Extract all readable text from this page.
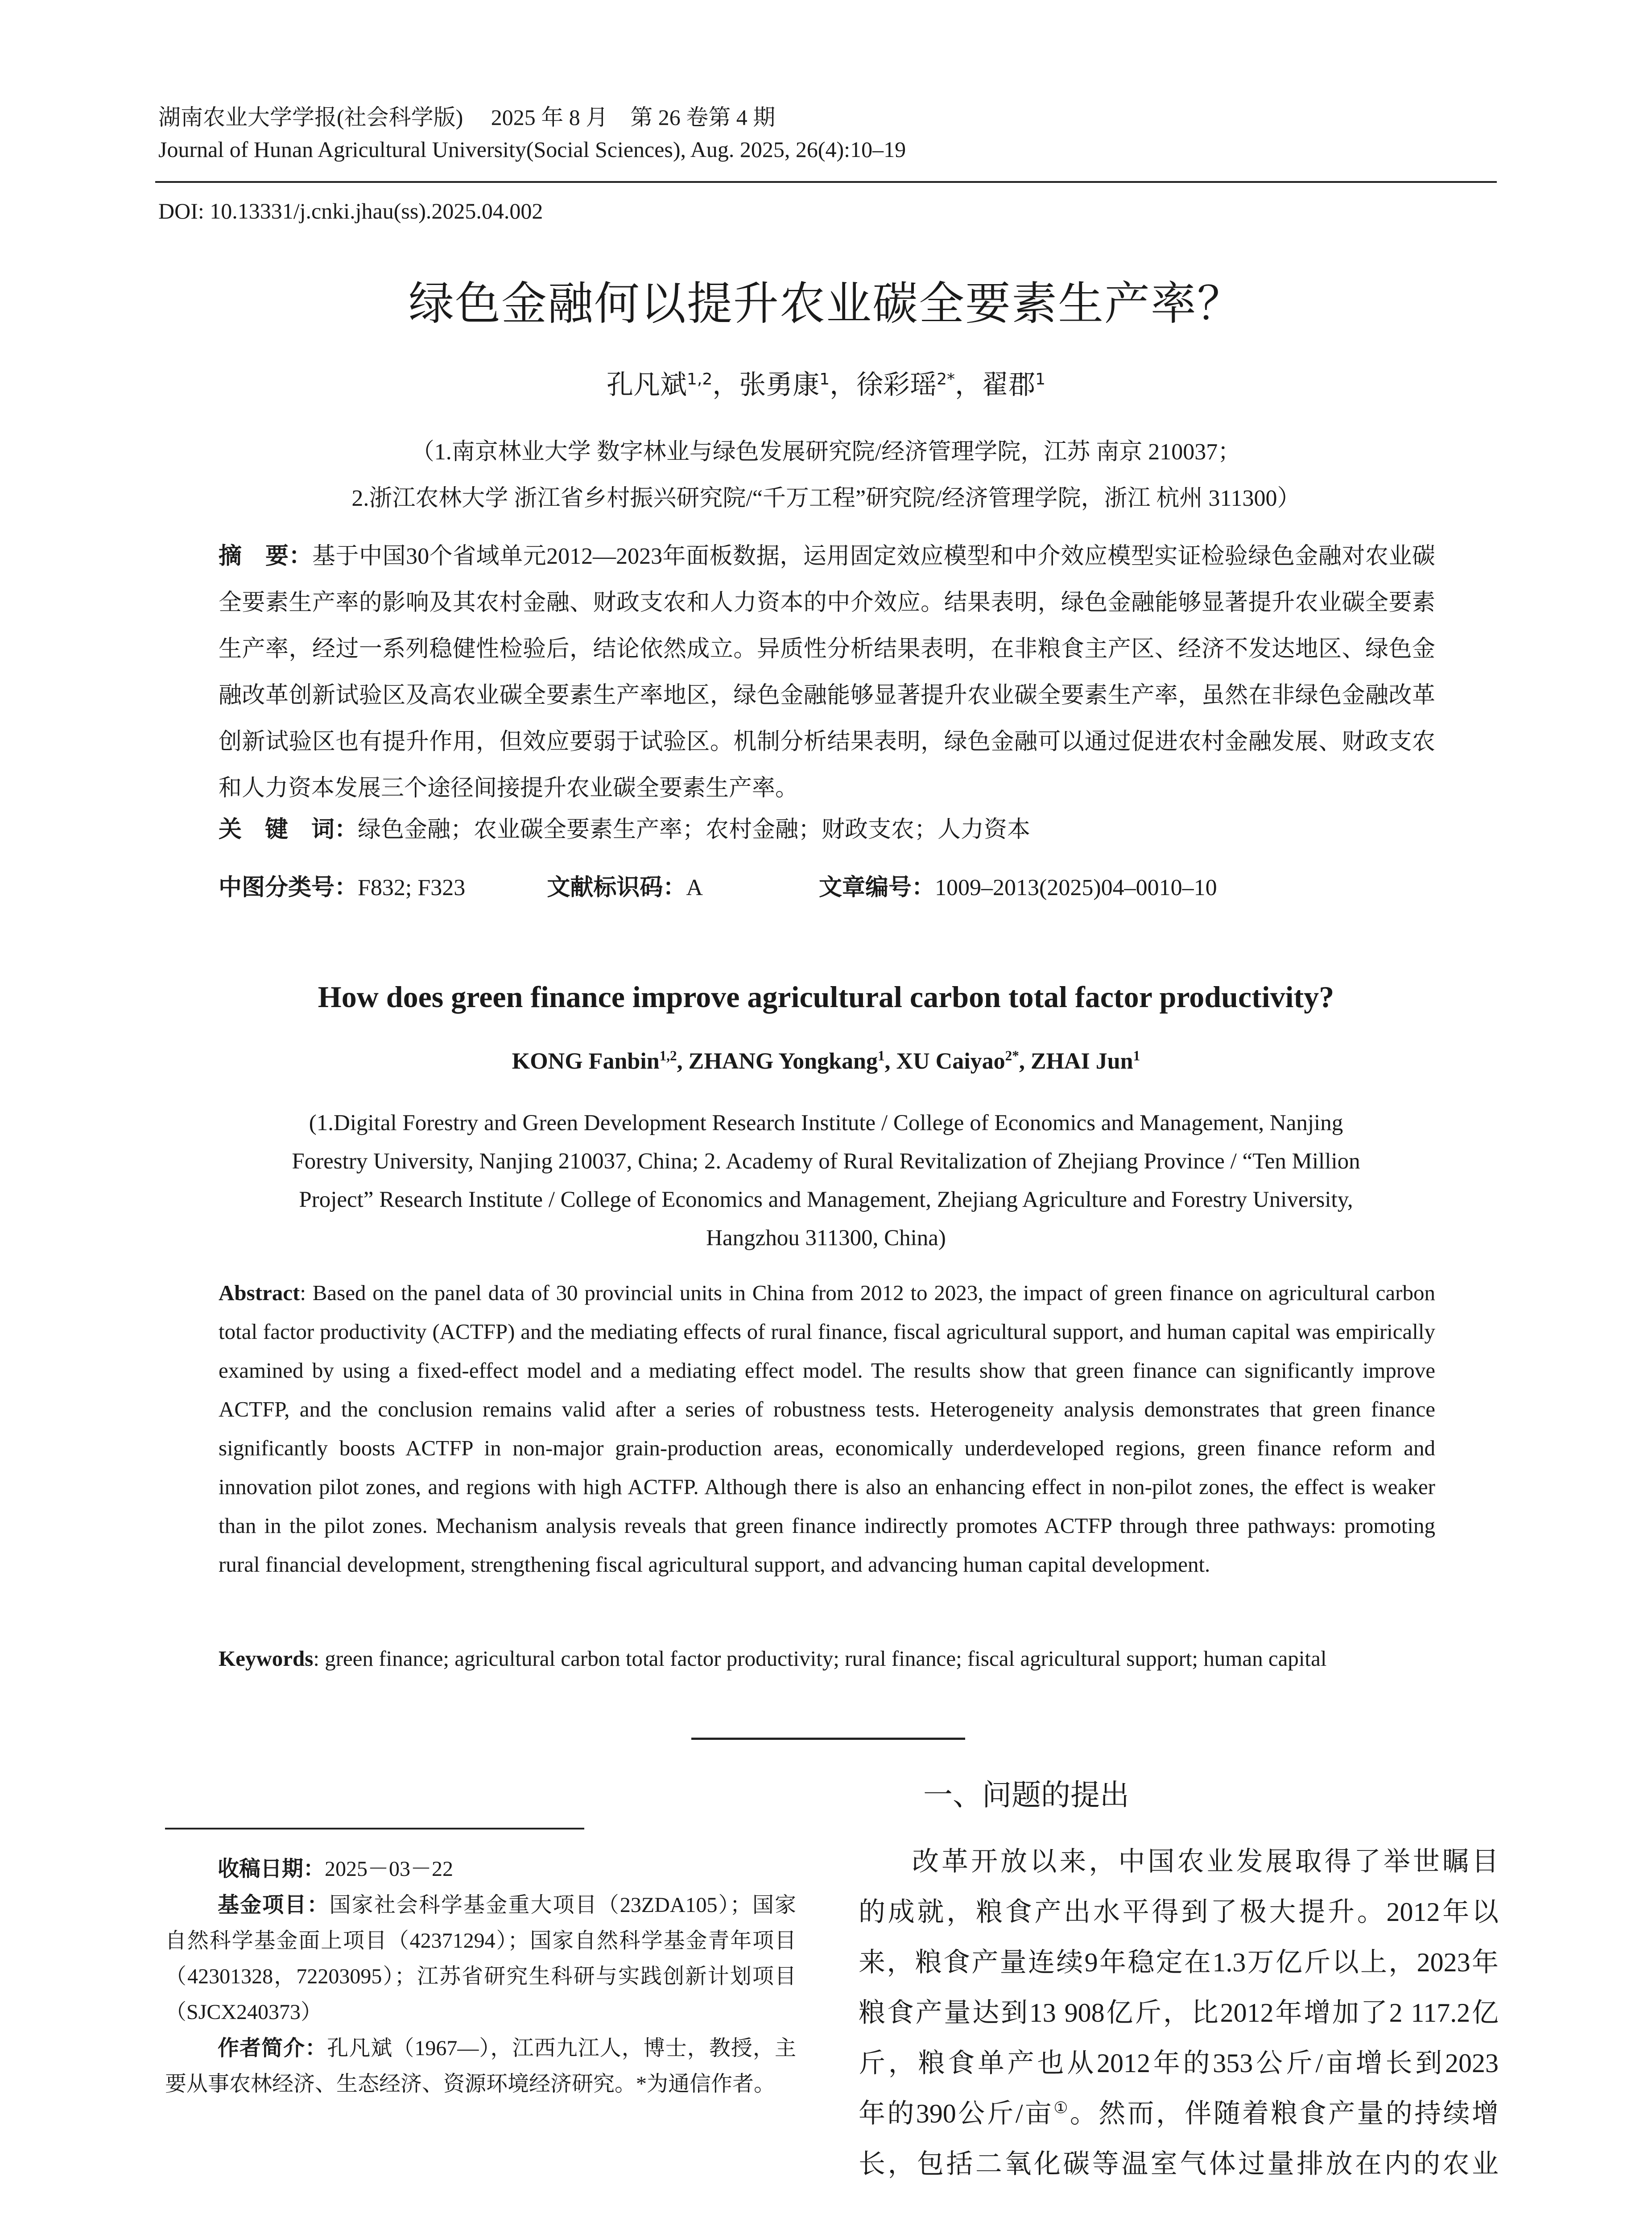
湖南农业大学学报(社会科学版)　 2025 年 8 月　第 26 卷第 4 期
Journal of Hunan Agricultural University(Social Sciences), Aug. 2025, 26(4):10–19
DOI: 10.13331/j.cnki.jhau(ss).2025.04.002
绿色金融何以提升农业碳全要素生产率？
孔凡斌$^{1,2}$，张勇康$^1$，徐彩瑶$^{2*}$，翟郡$^1$
（1.南京林业大学 数字林业与绿色发展研究院/经济管理学院，江苏 南京 210037；
2.浙江农林大学 浙江省乡村振兴研究院/“千万工程”研究院/经济管理学院，浙江 杭州 311300）
摘　要：基于中国30个省域单元2012—2023年面板数据，运用固定效应模型和中介效应模型实证检验绿色金融对农业碳全要素生产率的影响及其农村金融、财政支农和人力资本的中介效应。结果表明，绿色金融能够显著提升农业碳全要素生产率，经过一系列稳健性检验后，结论依然成立。异质性分析结果表明，在非粮食主产区、经济不发达地区、绿色金融改革创新试验区及高农业碳全要素生产率地区，绿色金融能够显著提升农业碳全要素生产率，虽然在非绿色金融改革创新试验区也有提升作用，但效应要弱于试验区。机制分析结果表明，绿色金融可以通过促进农村金融发展、财政支农和人力资本发展三个途径间接提升农业碳全要素生产率。
关　键　词：绿色金融；农业碳全要素生产率；农村金融；财政支农；人力资本
中图分类号：F832; F323	文献标识码：A	文章编号：1009–2013(2025)04–0010–10
How does green finance improve agricultural carbon total factor productivity?
KONG Fanbin$^{1,2}$, ZHANG Yongkang$^1$, XU Caiyao$^{2*}$, ZHAI Jun$^1$
(1.Digital Forestry and Green Development Research Institute / College of Economics and Management, Nanjing
Forestry University, Nanjing 210037, China; 2. Academy of Rural Revitalization of Zhejiang Province / “Ten Million
Project” Research Institute / College of Economics and Management, Zhejiang Agriculture and Forestry University,
Hangzhou 311300, China)
Abstract: Based on the panel data of 30 provincial units in China from 2012 to 2023, the impact of green finance on agricultural carbon total factor productivity (ACTFP) and the mediating effects of rural finance, fiscal agricultural support, and human capital was empirically examined by using a fixed-effect model and a mediating effect model. The results show that green finance can significantly improve ACTFP, and the conclusion remains valid after a series of robustness tests. Heterogeneity analysis demonstrates that green finance significantly boosts ACTFP in non-major grain-production areas, economically underdeveloped regions, green finance reform and innovation pilot zones, and regions with high ACTFP. Although there is also an enhancing effect in non-pilot zones, the effect is weaker than in the pilot zones. Mechanism analysis reveals that green finance indirectly promotes ACTFP through three pathways: promoting rural financial development, strengthening fiscal agricultural support, and advancing human capital development.
Keywords: green finance; agricultural carbon total factor productivity; rural finance; fiscal agricultural support; human capital
收稿日期：2025－03－22
基金项目：国家社会科学基金重大项目（23ZDA105）；国家自然科学基金面上项目（42371294）；国家自然科学基金青年项目（42301328，72203095）；江苏省研究生科研与实践创新计划项目（SJCX240373）
作者简介：孔凡斌（1967—），江西九江人，博士，教授，主要从事农林经济、生态经济、资源环境经济研究。*为通信作者。
一、问题的提出
改革开放以来，中国农业发展取得了举世瞩目
的成就，粮食产出水平得到了极大提升。2012年以
来，粮食产量连续9年稳定在1.3万亿斤以上，2023年
粮食产量达到13 908亿斤，比2012年增加了2 117.2亿
斤，粮食单产也从2012年的353公斤/亩增长到2023
年的390公斤/亩①。然而，伴随着粮食产量的持续增
长，包括二氧化碳等温室气体过量排放在内的农业
